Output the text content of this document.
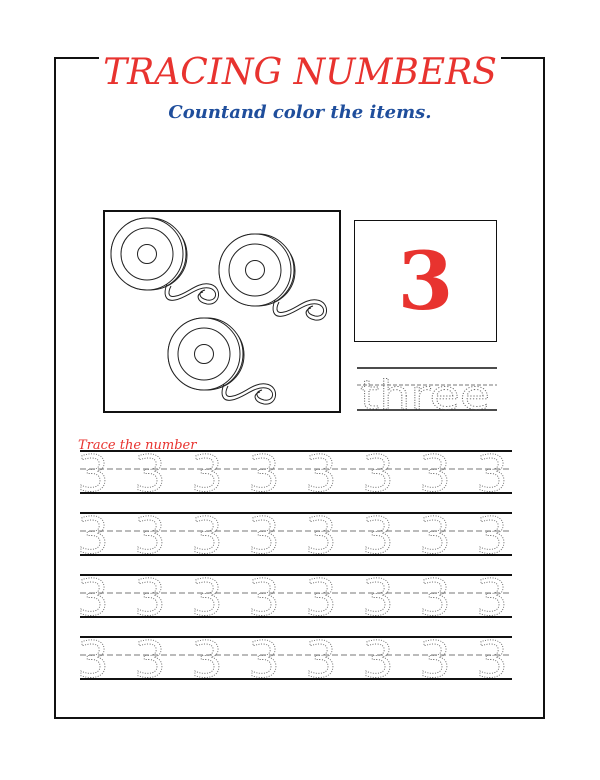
TRACING NUMBERS
Countand color the items.
3
three
Trace the number
3 3 3 3 3 3 3 3
3 3 3 3 3 3 3 3
3 3 3 3 3 3 3 3
3 3 3 3 3 3 3 3
